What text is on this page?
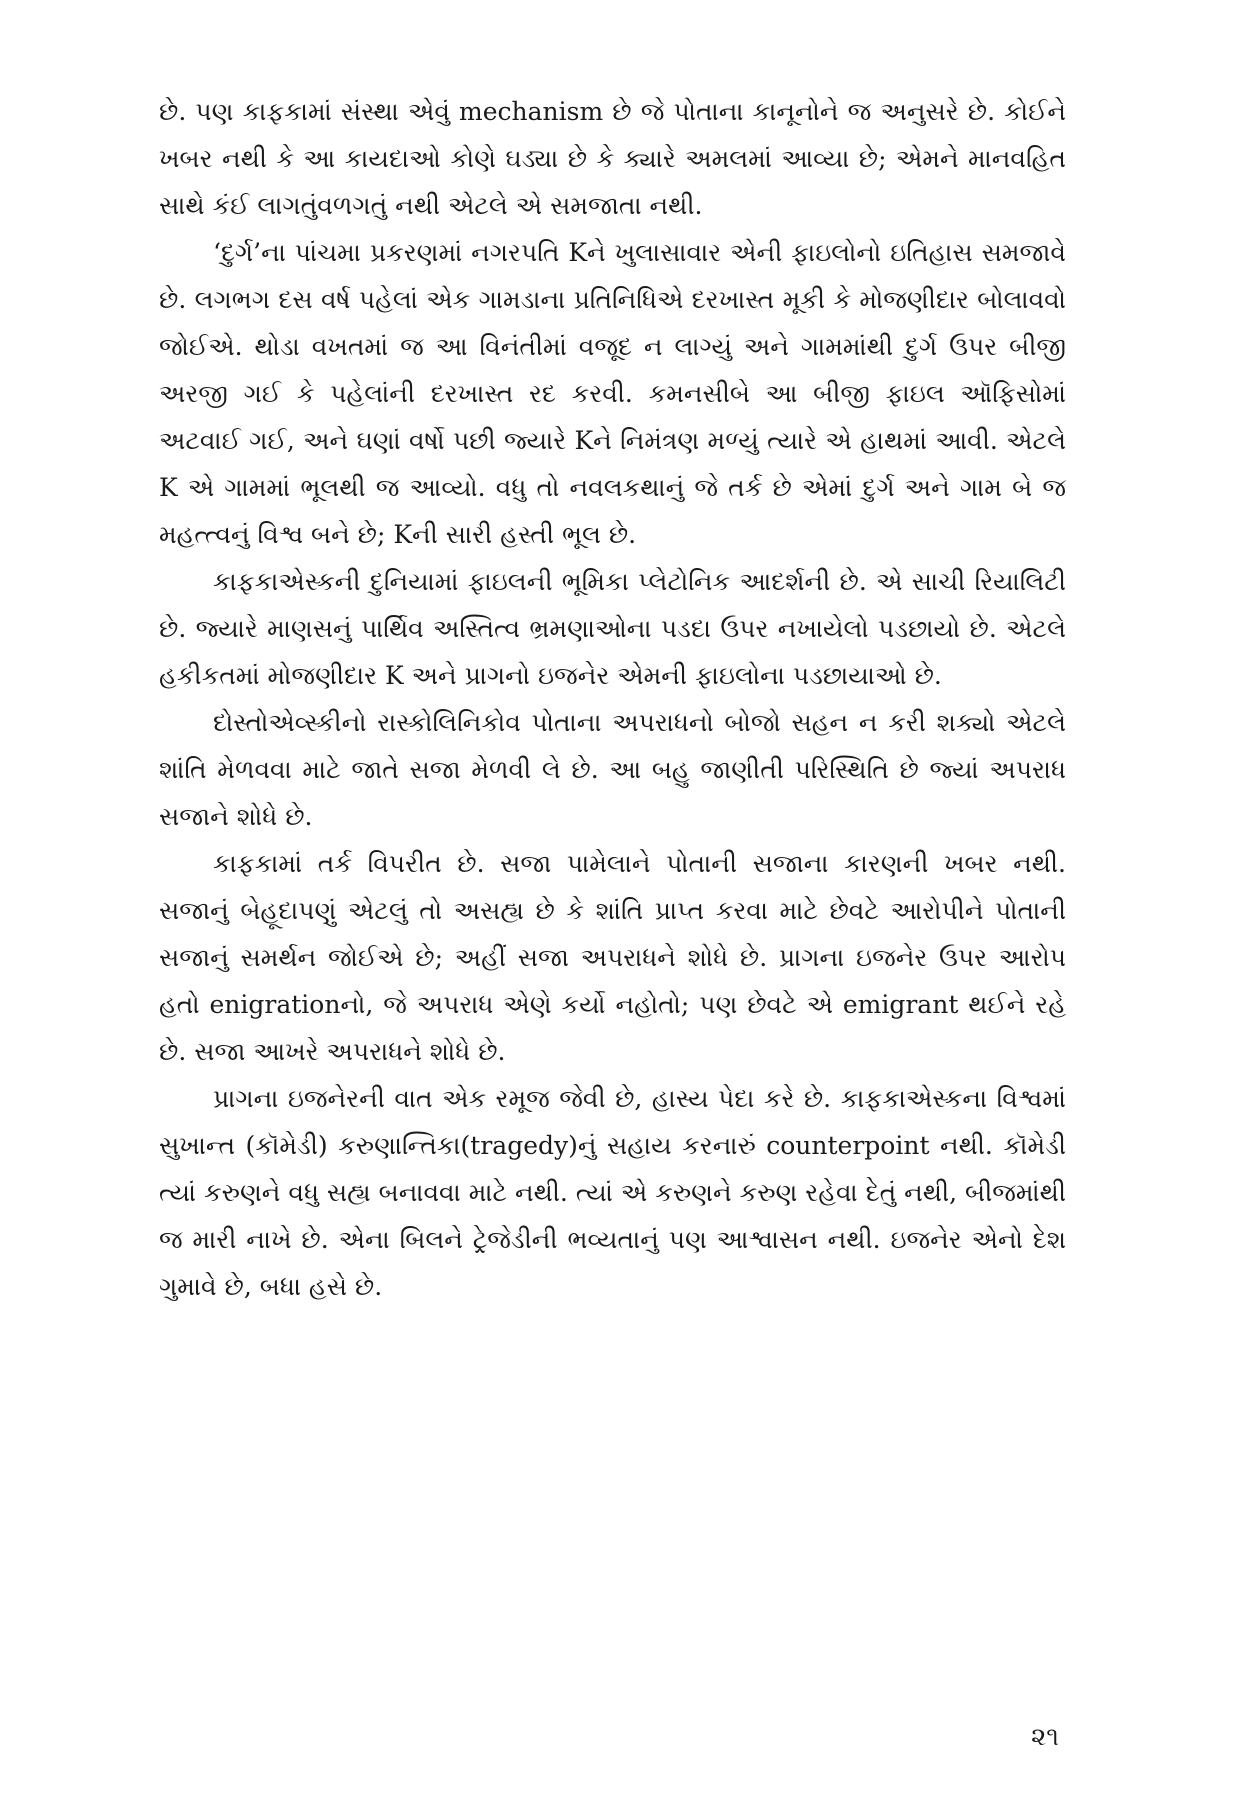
છે. પણ કાફકામાં સંસ્થા એવું mechanism છે જે પોતાના કાનૂનોને જ અનુસરે છે. કોઈને ખબર નથી કે આ કાયદાઓ કોણે ઘડ્યા છે કે ક્યારે અમલમાં આવ્યા છે; એમને માનવહિત સાથે કંઈ લાગતુંવળગતું નથી એટલે એ સમજાતા નથી.

‘દુર્ગ’ના પાંચમા પ્રકરણમાં નગરપતિ Kને ખુલાસાવાર એની ફાઇલોનો ઇતિહાસ સમજાવે છે. લગભગ દસ વર્ષ પહેલાં એક ગામડાના પ્રતિનિધિએ દરખાસ્ત મૂકી કે મોજણીદાર બોલાવવો જોઈએ. થોડા વખતમાં જ આ વિનંતીમાં વજૂદ ન લાગ્યું અને ગામમાંથી દુર્ગ ઉપર બીજી અરજી ગઈ કે પહેલાંની દરખાસ્ત રદ કરવી. કમનસીબે આ બીજી ફાઇલ ઑફિસોમાં અટવાઈ ગઈ, અને ઘણાં વર્ષો પછી જ્યારે Kને નિમંત્રણ મળ્યું ત્યારે એ હાથમાં આવી. એટલે K એ ગામમાં ભૂલથી જ આવ્યો. વધુ તો નવલકથાનું જે તર્ક છે એમાં દુર્ગ અને ગામ બે જ મહત્ત્વનું વિશ્વ બને છે; Kની સારી હસ્તી ભૂલ છે.

કાફકાએસ્કની દુનિયામાં ફાઇલની ભૂમિકા પ્લેટોનિક આદર્શની છે. એ સાચી રિયાલિટી છે. જ્યારે માણસનું પાર્થિવ અસ્તિત્વ ભ્રમણાઓના પડદા ઉપર નખાયેલો પડછાયો છે. એટલે હકીકતમાં મોજણીદાર K અને પ્રાગનો ઇજનેર એમની ફાઇલોના પડછાયાઓ છે.

દોસ્તોએવ્સ્કીનો રાસ્કોલિનિકોવ પોતાના અપરાધનો બોજો સહન ન કરી શક્યો એટલે શાંતિ મેળવવા માટે જાતે સજા મેળવી લે છે. આ બહુ જાણીતી પરિસ્થિતિ છે જ્યાં અપરાધ સજાને શોધે છે.

કાફકામાં તર્ક વિપરીત છે. સજા પામેલાને પોતાની સજાના કારણની ખબર નથી. સજાનું બેહૂદાપણું એટલું તો અસહ્ય છે કે શાંતિ પ્રાપ્ત કરવા માટે છેવટે આરોપીને પોતાની સજાનું સમર્થન જોઈએ છે; અહીં સજા અપરાધને શોધે છે. પ્રાગના ઇજનેર ઉપર આરોપ હતો enigrationનો, જે અપરાધ એણે કર્યો નહોતો; પણ છેવટે એ emigrant થઈને રહે છે. સજા આખરે અપરાધને શોધે છે.

પ્રાગના ઇજનેરની વાત એક રમૂજ જેવી છે, હાસ્ય પેદા કરે છે. કાફકાએસ્કના વિશ્વમાં સુખાન્ત (કૉમેડી) કરુણાન્તિકા(tragedy)નું સહાય કરનારું counterpoint નથી. કૉમેડી ત્યાં કરુણને વધુ સહ્ય બનાવવા માટે નથી. ત્યાં એ કરુણને કરુણ રહેવા દેતું નથી, બીજમાંથી જ મારી નાખે છે. એના બિલને ટ્રેજેડીની ભવ્યતાનું પણ આશ્વાસન નથી. ઇજનેર એનો દેશ ગુમાવે છે, બધા હસે છે.

૨૧
